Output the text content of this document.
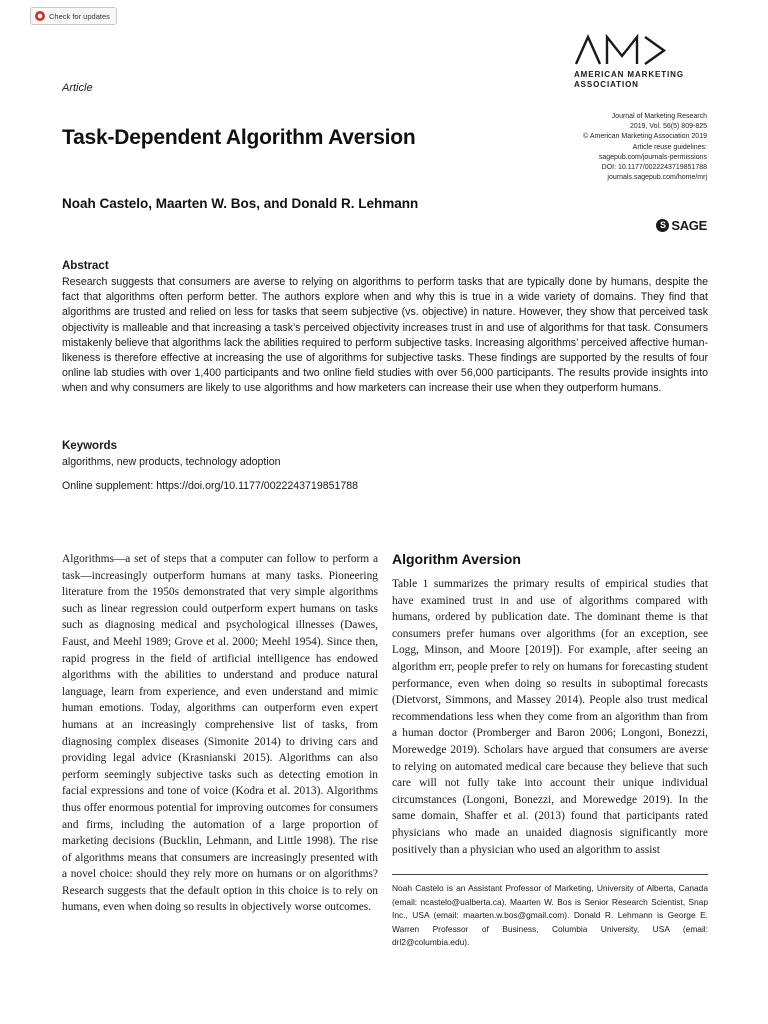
Check for updates
Article
AMERICAN MARKETING
ASSOCIATION
Journal of Marketing Research
2019, Vol. 56(5) 809-825
© American Marketing Association 2019
Article reuse guidelines:
sagepub.com/journals-permissions
DOI: 10.1177/0022243719851788
journals.sagepub.com/home/mrj
S SAGE
Task-Dependent Algorithm Aversion
Noah Castelo, Maarten W. Bos, and Donald R. Lehmann
Abstract
Research suggests that consumers are averse to relying on algorithms to perform tasks that are typically done by humans, despite the fact that algorithms often perform better. The authors explore when and why this is true in a wide variety of domains. They find that algorithms are trusted and relied on less for tasks that seem subjective (vs. objective) in nature. However, they show that perceived task objectivity is malleable and that increasing a task’s perceived objectivity increases trust in and use of algorithms for that task. Consumers mistakenly believe that algorithms lack the abilities required to perform subjective tasks. Increasing algorithms’ perceived affective human-likeness is therefore effective at increasing the use of algorithms for subjective tasks. These findings are supported by the results of four online lab studies with over 1,400 participants and two online field studies with over 56,000 participants. The results provide insights into when and why consumers are likely to use algorithms and how marketers can increase their use when they outperform humans.
Keywords
algorithms, new products, technology adoption
Online supplement: https://doi.org/10.1177/0022243719851788
Algorithms—a set of steps that a computer can follow to perform a task—increasingly outperform humans at many tasks. Pioneering literature from the 1950s demonstrated that very simple algorithms such as linear regression could outperform expert humans on tasks such as diagnosing medical and psychological illnesses (Dawes, Faust, and Meehl 1989; Grove et al. 2000; Meehl 1954). Since then, rapid progress in the field of artificial intelligence has endowed algorithms with the abilities to understand and produce natural language, learn from experience, and even understand and mimic human emotions. Today, algorithms can outperform even expert humans at an increasingly comprehensive list of tasks, from diagnosing complex diseases (Simonite 2014) to driving cars and providing legal advice (Krasnianski 2015). Algorithms can also perform seemingly subjective tasks such as detecting emotion in facial expressions and tone of voice (Kodra et al. 2013). Algorithms thus offer enormous potential for improving outcomes for consumers and firms, including the automation of a large proportion of marketing decisions (Bucklin, Lehmann, and Little 1998). The rise of algorithms means that consumers are increasingly presented with a novel choice: should they rely more on humans or on algorithms? Research suggests that the default option in this choice is to rely on humans, even when doing so results in objectively worse outcomes.
Algorithm Aversion
Table 1 summarizes the primary results of empirical studies that have examined trust in and use of algorithms compared with humans, ordered by publication date. The dominant theme is that consumers prefer humans over algorithms (for an exception, see Logg, Minson, and Moore [2019]). For example, after seeing an algorithm err, people prefer to rely on humans for forecasting student performance, even when doing so results in suboptimal forecasts (Dietvorst, Simmons, and Massey 2014). People also trust medical recommendations less when they come from an algorithm than from a human doctor (Promberger and Baron 2006; Longoni, Bonezzi, Morewedge 2019). Scholars have argued that consumers are averse to relying on automated medical care because they believe that such care will not fully take into account their unique individual circumstances (Longoni, Bonezzi, and Morewedge 2019). In the same domain, Shaffer et al. (2013) found that participants rated physicians who made an unaided diagnosis significantly more positively than a physician who used an algorithm to assist
Noah Castelo is an Assistant Professor of Marketing, University of Alberta, Canada (email: ncastelo@ualberta.ca). Maarten W. Bos is Senior Research Scientist, Snap Inc., USA (email: maarten.w.bos@gmail.com). Donald R. Lehmann is George E. Warren Professor of Business, Columbia University, USA (email: drl2@columbia.edu).
